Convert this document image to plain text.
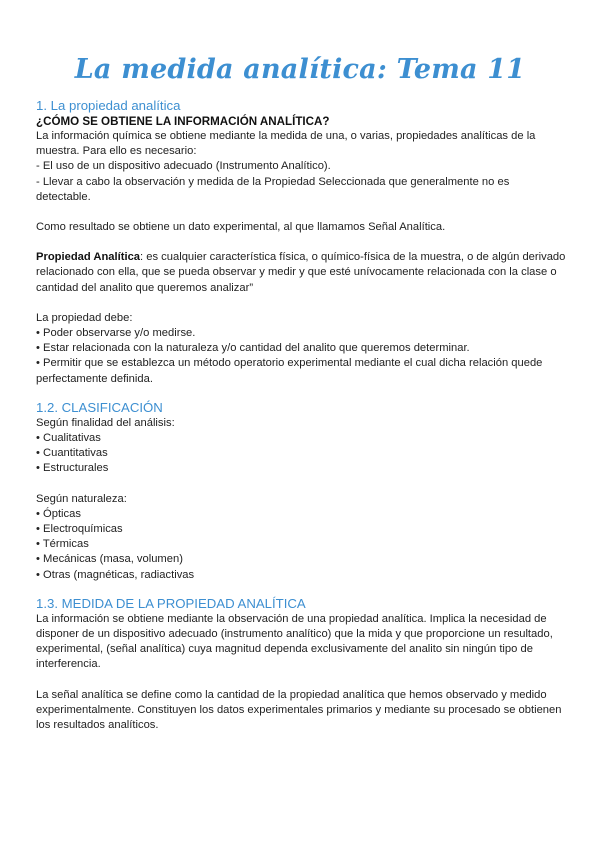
La medida analítica: Tema 11
1. La propiedad analítica
¿CÓMO SE OBTIENE LA INFORMACIÓN ANALÍTICA?

La información química se obtiene mediante la medida de una, o varias, propiedades analíticas de la muestra. Para ello es necesario:

- El uso de un dispositivo adecuado (Instrumento Analítico).

- Llevar a cabo la observación y medida de la Propiedad Seleccionada que generalmente no es detectable.

Como resultado se obtiene un dato experimental, al que llamamos Señal Analítica.

Propiedad Analítica: es cualquier característica física, o químico-física de la muestra, o de algún derivado relacionado con ella, que se pueda observar y medir y que esté unívocamente relacionada con la clase o cantidad del analito que queremos analizar”

La propiedad debe:

• Poder observarse y/o medirse.
• Estar relacionada con la naturaleza y/o cantidad del analito que queremos determinar.
• Permitir que se establezca un método operatorio experimental mediante el cual dicha relación quede perfectamente definida.
1.2. CLASIFICACIÓN

Según finalidad del análisis:

• Cualitativas
• Cuantitativas
• Estructurales

Según naturaleza:

• Ópticas
• Electroquímicas
• Térmicas
• Mecánicas (masa, volumen)
• Otras (magnéticas, radiactivas
1.3. MEDIDA DE LA PROPIEDAD ANALÍTICA

La información se obtiene mediante la observación de una propiedad analítica. Implica la necesidad de disponer de un dispositivo adecuado (instrumento analítico) que la mida y que proporcione un resultado, experimental, (señal analítica) cuya magnitud dependa exclusivamente del analito sin ningún tipo de interferencia.

La señal analítica se define como la cantidad de la propiedad analítica que hemos observado y medido experimentalmente. Constituyen los datos experimentales primarios y mediante su procesado se obtienen los resultados analíticos.
